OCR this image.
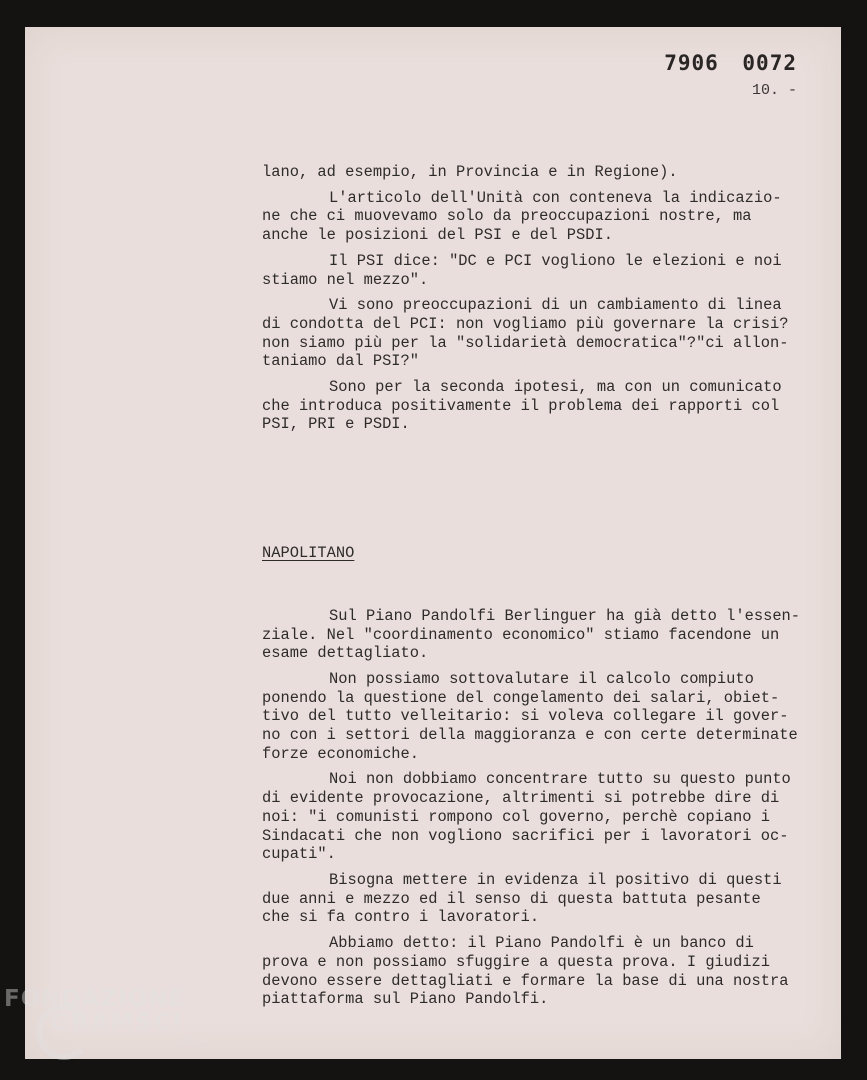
7906 0072
10. -

lano, ad esempio, in Provincia e in Regione).

L'articolo dell'Unità con conteneva la indicazio-
ne che ci muovevamo solo da preoccupazioni nostre, ma
anche le posizioni del PSI e del PSDI.

Il PSI dice: "DC e PCI vogliono le elezioni e noi
stiamo nel mezzo".

Vi sono preoccupazioni di un cambiamento di linea
di condotta del PCI: non vogliamo più governare la crisi?
non siamo più per la "solidarietà democratica"?"ci allon-
taniamo dal PSI?"

Sono per la seconda ipotesi, ma con un comunicato
che introduca positivamente il problema dei rapporti col
PSI, PRI e PSDI.

NAPOLITANO

Sul Piano Pandolfi Berlinguer ha già detto l'essen-
ziale. Nel "coordinamento economico" stiamo facendone un
esame dettagliato.

Non possiamo sottovalutare il calcolo compiuto
ponendo la questione del congelamento dei salari, obiet-
tivo del tutto velleitario: si voleva collegare il gover-
no con i settori della maggioranza e con certe determinate
forze economiche.

Noi non dobbiamo concentrare tutto su questo punto
di evidente provocazione, altrimenti si potrebbe dire di
noi: "i comunisti rompono col governo, perchè copiano i
Sindacati che non vogliono sacrifici per i lavoratori oc-
cupati".

Bisogna mettere in evidenza il positivo di questi
due anni e mezzo ed il senso di questa battuta pesante
che si fa contro i lavoratori.

Abbiamo detto: il Piano Pandolfi è un banco di
prova e non possiamo sfuggire a questa prova. I giudizi
devono essere dettagliati e formare la base di una nostra
piattaforma sul Piano Pandolfi.

FONDAZIONE
GRAMSCI
onlus
